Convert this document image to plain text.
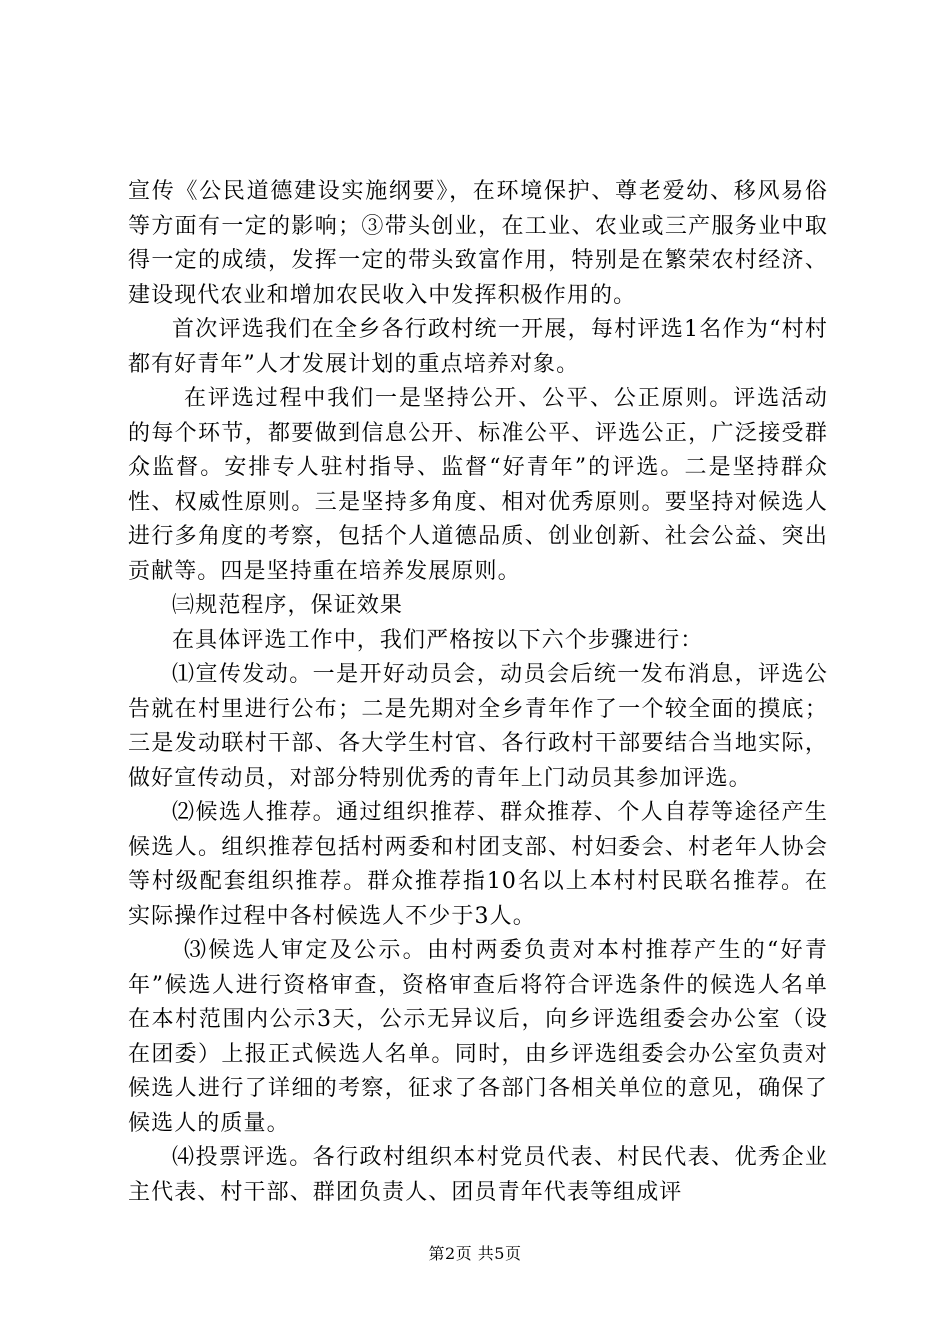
宣传《公民道德建设实施纲要》，在环境保护、尊老爱幼、移风易俗等方面有一定的影响；③带头创业，在工业、农业或三产服务业中取得一定的成绩，发挥一定的带头致富作用，特别是在繁荣农村经济、建设现代农业和增加农民收入中发挥积极作用的。

首次评选我们在全乡各行政村统一开展，每村评选1名作为“村村都有好青年”人才发展计划的重点培养对象。

在评选过程中我们一是坚持公开、公平、公正原则。评选活动的每个环节，都要做到信息公开、标准公平、评选公正，广泛接受群众监督。安排专人驻村指导、监督“好青年”的评选。二是坚持群众性、权威性原则。三是坚持多角度、相对优秀原则。要坚持对候选人进行多角度的考察，包括个人道德品质、创业创新、社会公益、突出贡献等。四是坚持重在培养发展原则。

㈢规范程序，保证效果

在具体评选工作中，我们严格按以下六个步骤进行：

⑴宣传发动。一是开好动员会，动员会后统一发布消息，评选公告就在村里进行公布；二是先期对全乡青年作了一个较全面的摸底；三是发动联村干部、各大学生村官、各行政村干部要结合当地实际，做好宣传动员，对部分特别优秀的青年上门动员其参加评选。

⑵候选人推荐。通过组织推荐、群众推荐、个人自荐等途径产生候选人。组织推荐包括村两委和村团支部、村妇委会、村老年人协会等村级配套组织推荐。群众推荐指10名以上本村村民联名推荐。在实际操作过程中各村候选人不少于3人。

⑶候选人审定及公示。由村两委负责对本村推荐产生的“好青年”候选人进行资格审查，资格审查后将符合评选条件的候选人名单在本村范围内公示3天，公示无异议后，向乡评选组委会办公室（设在团委）上报正式候选人名单。同时，由乡评选组委会办公室负责对候选人进行了详细的考察，征求了各部门各相关单位的意见，确保了候选人的质量。

⑷投票评选。各行政村组织本村党员代表、村民代表、优秀企业主代表、村干部、群团负责人、团员青年代表等组成评

第2页 共5页
